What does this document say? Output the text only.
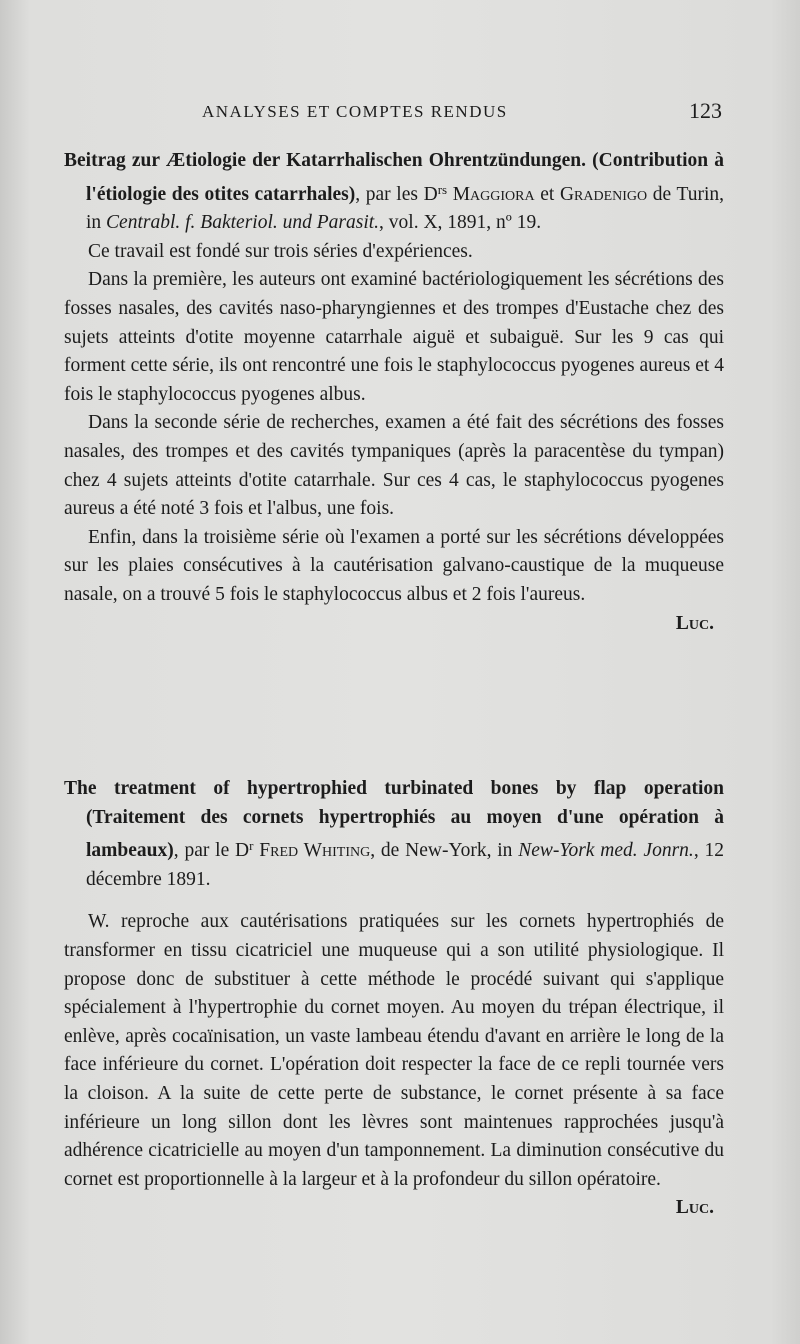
ANALYSES ET COMPTES RENDUS	123

Beitrag zur Ætiologie der Katarrhalischen Ohrentzündungen. (Contribution à l'étiologie des otites catarrhales), par les $D^{rs}$ Maggiora et Gradenigo de Turin, in Centrabl. f. Bakteriol. und Parasit., vol. X, 1891, nº 19.

Ce travail est fondé sur trois séries d'expériences.

Dans la première, les auteurs ont examiné bactériologiquement les sécrétions des fosses nasales, des cavités naso-pharyngiennes et des trompes d'Eustache chez des sujets atteints d'otite moyenne catarrhale aiguë et subaiguë. Sur les 9 cas qui forment cette série, ils ont rencontré une fois le staphylococcus pyogenes aureus et 4 fois le staphylococcus pyogenes albus.

Dans la seconde série de recherches, examen a été fait des sécrétions des fosses nasales, des trompes et des cavités tympaniques (après la paracentèse du tympan) chez 4 sujets atteints d'otite catarrhale. Sur ces 4 cas, le staphylococcus pyogenes aureus a été noté 3 fois et l'albus, une fois.

Enfin, dans la troisième série où l'examen a porté sur les sécrétions développées sur les plaies consécutives à la cautérisation galvano-caustique de la muqueuse nasale, on a trouvé 5 fois le staphylococcus albus et 2 fois l'aureus.

Luc.

The treatment of hypertrophied turbinated bones by flap operation (Traitement des cornets hypertrophiés au moyen d'une opération à lambeaux), par le $D^r$ Fred Whiting, de New-York, in New-York med. Jonrn., 12 décembre 1891.

W. reproche aux cautérisations pratiquées sur les cornets hypertrophiés de transformer en tissu cicatriciel une muqueuse qui a son utilité physiologique. Il propose donc de substituer à cette méthode le procédé suivant qui s'applique spécialement à l'hypertrophie du cornet moyen. Au moyen du trépan électrique, il enlève, après cocaïnisation, un vaste lambeau étendu d'avant en arrière le long de la face inférieure du cornet. L'opération doit respecter la face de ce repli tournée vers la cloison. A la suite de cette perte de substance, le cornet présente à sa face inférieure un long sillon dont les lèvres sont maintenues rapprochées jusqu'à adhérence cicatricielle au moyen d'un tamponnement. La diminution consécutive du cornet est proportionnelle à la largeur et à la profondeur du sillon opératoire.

Luc.
